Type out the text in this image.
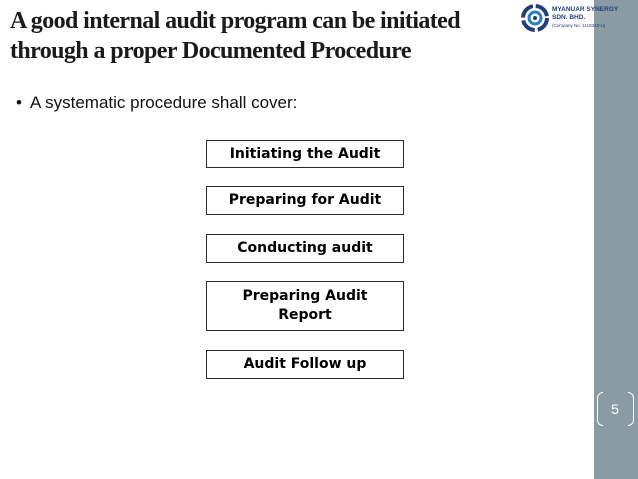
A good internal audit program can be initiated
through a proper Documented Procedure
MYANUAR SYNERGY
SDN. BHD.
(Company No. 1118343-U)
• A systematic procedure shall cover:
Initiating the Audit
Preparing for Audit
Conducting audit
Preparing Audit Report
Audit Follow up
5
